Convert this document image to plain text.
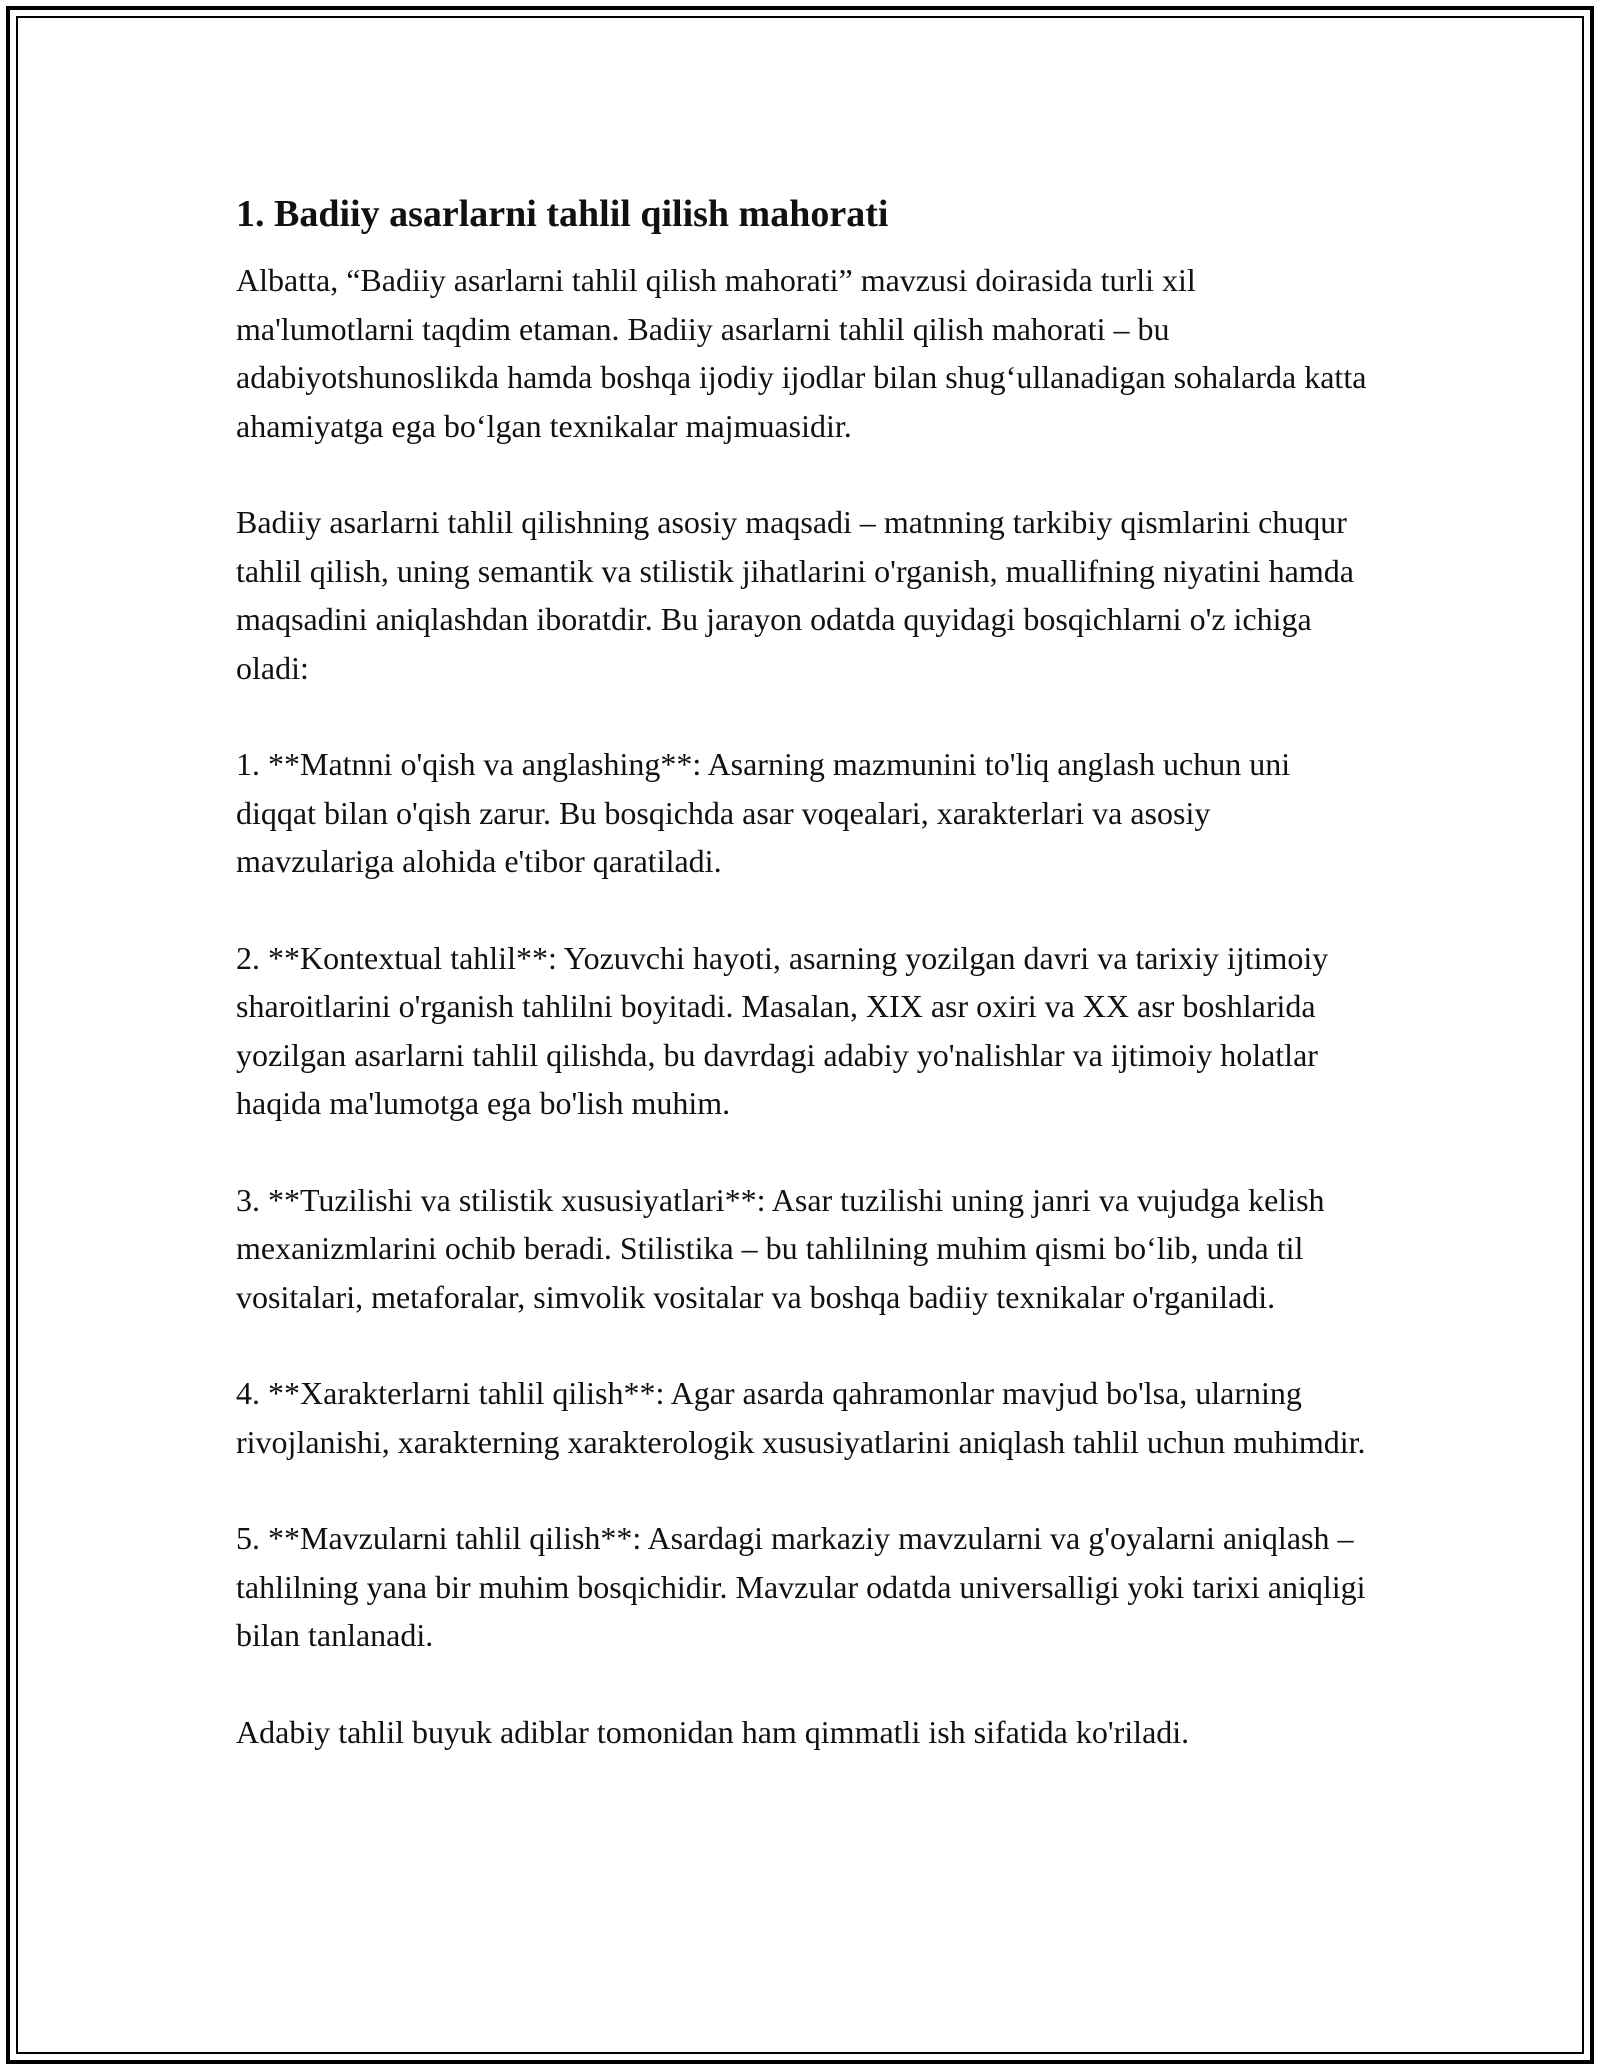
1. Badiiy asarlarni tahlil qilish mahorati

Albatta, “Badiiy asarlarni tahlil qilish mahorati” mavzusi doirasida turli xil ma'lumotlarni taqdim etaman. Badiiy asarlarni tahlil qilish mahorati – bu adabiyotshunoslikda hamda boshqa ijodiy ijodlar bilan shug‘ullanadigan sohalarda katta ahamiyatga ega bo‘lgan texnikalar majmuasidir.

Badiiy asarlarni tahlil qilishning asosiy maqsadi – matnning tarkibiy qismlarini chuqur tahlil qilish, uning semantik va stilistik jihatlarini o'rganish, muallifning niyatini hamda maqsadini aniqlashdan iboratdir. Bu jarayon odatda quyidagi bosqichlarni o'z ichiga oladi:

1. **Matnni o'qish va anglashing**: Asarning mazmunini to'liq anglash uchun uni diqqat bilan o'qish zarur. Bu bosqichda asar voqealari, xarakterlari va asosiy mavzulariga alohida e'tibor qaratiladi.

2. **Kontextual tahlil**: Yozuvchi hayoti, asarning yozilgan davri va tarixiy ijtimoiy sharoitlarini o'rganish tahlilni boyitadi. Masalan, XIX asr oxiri va XX asr boshlarida yozilgan asarlarni tahlil qilishda, bu davrdagi adabiy yo'nalishlar va ijtimoiy holatlar haqida ma'lumotga ega bo'lish muhim.

3. **Tuzilishi va stilistik xususiyatlari**: Asar tuzilishi uning janri va vujudga kelish mexanizmlarini ochib beradi. Stilistika – bu tahlilning muhim qismi bo‘lib, unda til vositalari, metaforalar, simvolik vositalar va boshqa badiiy texnikalar o'rganiladi.

4. **Xarakterlarni tahlil qilish**: Agar asarda qahramonlar mavjud bo'lsa, ularning rivojlanishi, xarakterning xarakterologik xususiyatlarini aniqlash tahlil uchun muhimdir.

5. **Mavzularni tahlil qilish**: Asardagi markaziy mavzularni va g'oyalarni aniqlash – tahlilning yana bir muhim bosqichidir. Mavzular odatda universalligi yoki tarixi aniqligi bilan tanlanadi.

Adabiy tahlil buyuk adiblar tomonidan ham qimmatli ish sifatida ko'riladi.
